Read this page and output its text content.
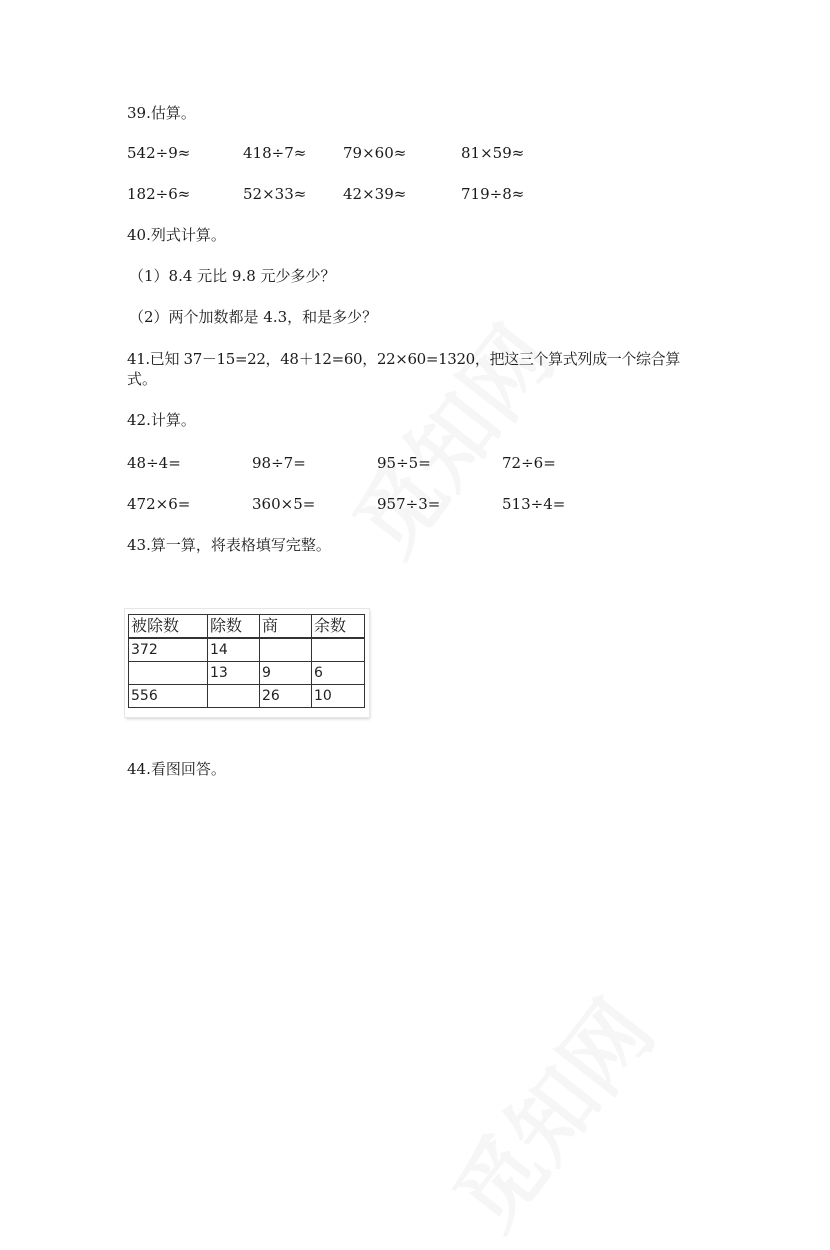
39.估算。
542÷9≈	418÷7≈ 79×60≈	81×59≈
182÷6≈	52×33≈ 42×39≈	719÷8≈
40.列式计算。
（1）8.4 元比 9.8 元少多少？
（2）两个加数都是 4.3，和是多少？
41.已知 37－15=22，48＋12=60，22×60=1320，把这三个算式列成一个综合算
式。
42.计算。
48÷4=	98÷7=	95÷5=	72÷6=
472×6=	360×5=	957÷3=	513÷4=
43.算一算，将表格填写完整。
被除数	除数	商	余数
372	14		
	13	9	6
556		26	10
44.看图回答。
